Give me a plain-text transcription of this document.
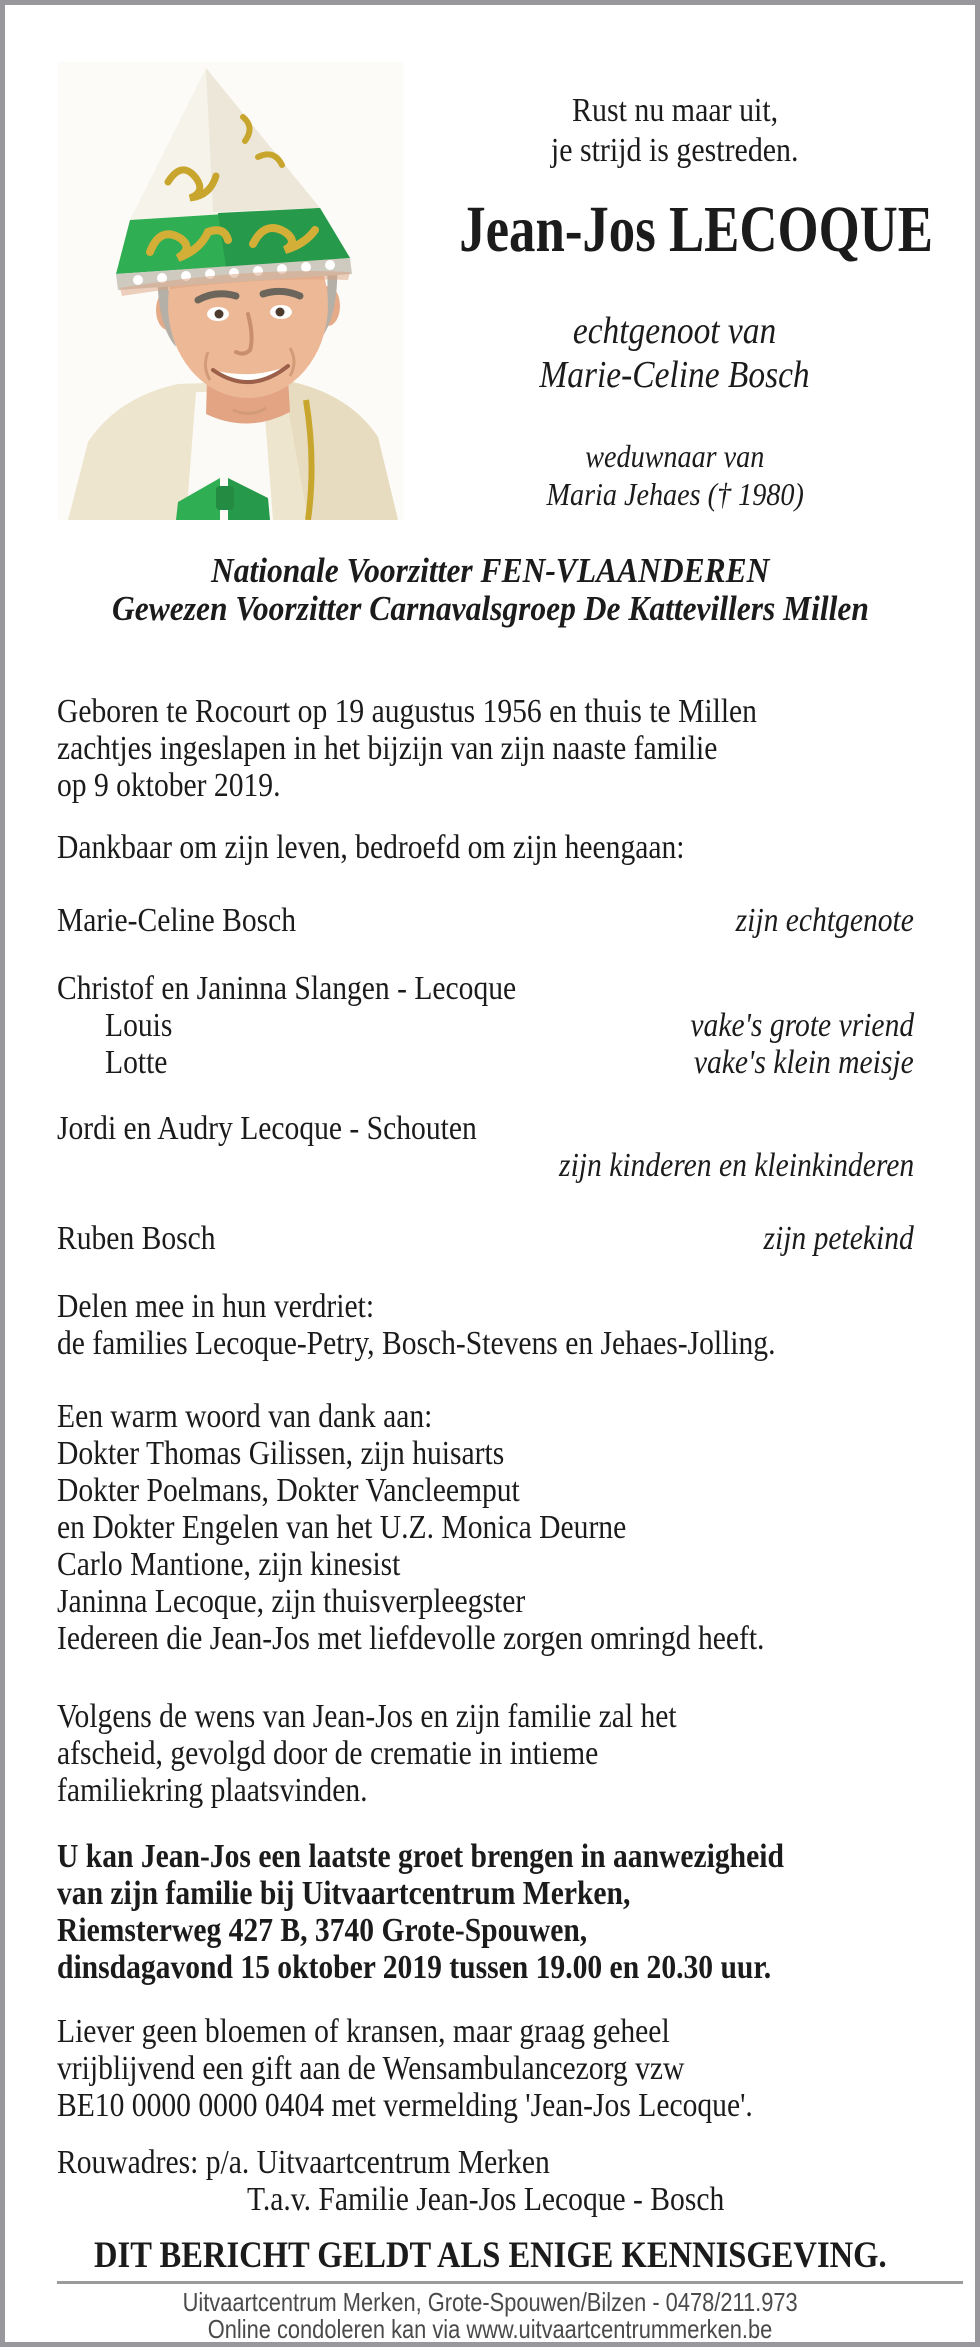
Rust nu maar uit,
je strijd is gestreden.
Jean-Jos LECOQUE
echtgenoot van
Marie-Celine Bosch
weduwnaar van
Maria Jehaes († 1980)
Nationale Voorzitter FEN-VLAANDEREN
Gewezen Voorzitter Carnavalsgroep De Kattevillers Millen
Geboren te Rocourt op 19 augustus 1956 en thuis te Millen
zachtjes ingeslapen in het bijzijn van zijn naaste familie
op 9 oktober 2019.
Dankbaar om zijn leven, bedroefd om zijn heengaan:
Marie-Celine Bosch	zijn echtgenote
Christof en Janinna Slangen - Lecoque
Louis	vake's grote vriend
Lotte	vake's klein meisje
Jordi en Audry Lecoque - Schouten
zijn kinderen en kleinkinderen
Ruben Bosch	zijn petekind
Delen mee in hun verdriet:
de families Lecoque-Petry, Bosch-Stevens en Jehaes-Jolling.
Een warm woord van dank aan:
Dokter Thomas Gilissen, zijn huisarts
Dokter Poelmans, Dokter Vancleemput
en Dokter Engelen van het U.Z. Monica Deurne
Carlo Mantione, zijn kinesist
Janinna Lecoque, zijn thuisverpleegster
Iedereen die Jean-Jos met liefdevolle zorgen omringd heeft.
Volgens de wens van Jean-Jos en zijn familie zal het
afscheid, gevolgd door de crematie in intieme
familiekring plaatsvinden.
U kan Jean-Jos een laatste groet brengen in aanwezigheid
van zijn familie bij Uitvaartcentrum Merken,
Riemsterweg 427 B, 3740 Grote-Spouwen,
dinsdagavond 15 oktober 2019 tussen 19.00 en 20.30 uur.
Liever geen bloemen of kransen, maar graag geheel
vrijblijvend een gift aan de Wensambulancezorg vzw
BE10 0000 0000 0404 met vermelding 'Jean-Jos Lecoque'.
Rouwadres: p/a. Uitvaartcentrum Merken
T.a.v. Familie Jean-Jos Lecoque - Bosch
DIT BERICHT GELDT ALS ENIGE KENNISGEVING.
Uitvaartcentrum Merken, Grote-Spouwen/Bilzen - 0478/211.973
Online condoleren kan via www.uitvaartcentrummerken.be
